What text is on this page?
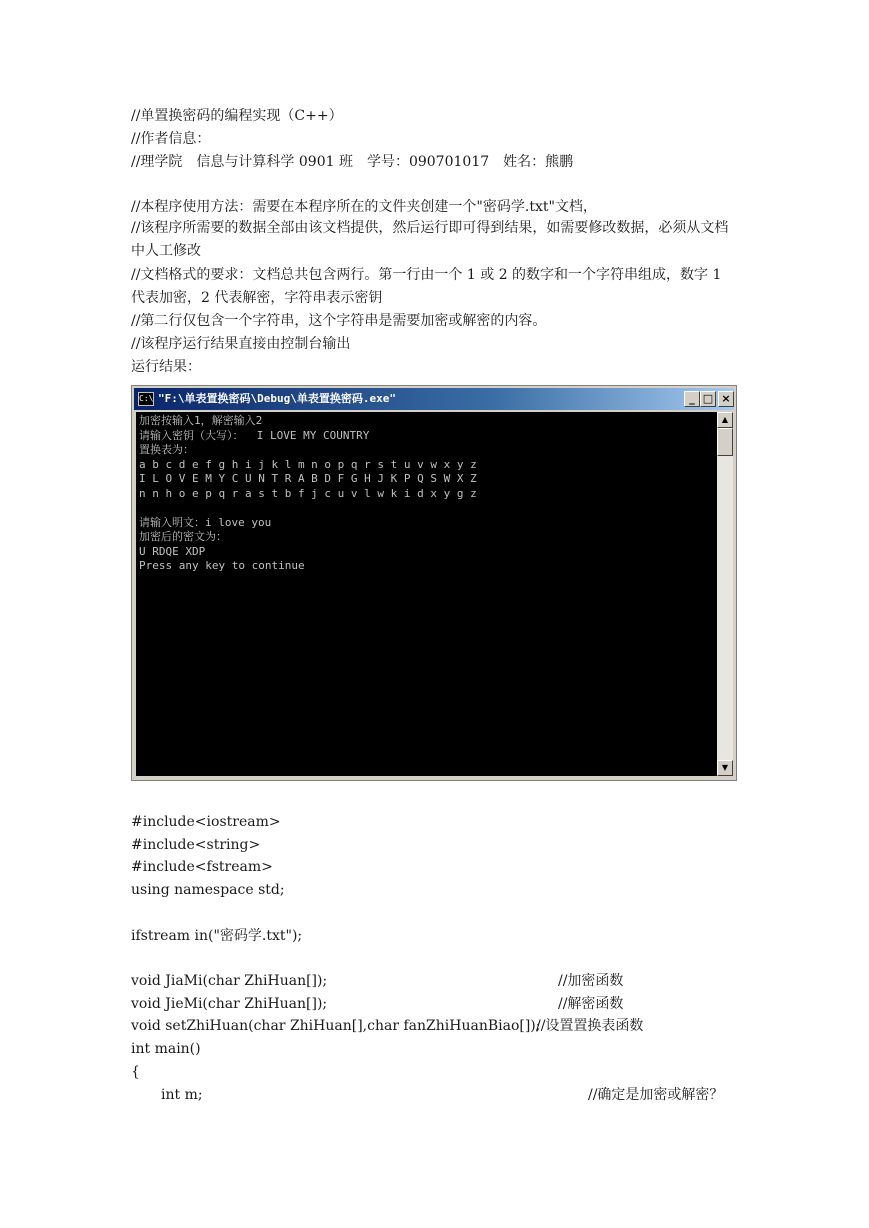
//单置换密码的编程实现（C++）
//作者信息：
//理学院　信息与计算科学 0901 班　学号：090701017　姓名：熊鹏
//本程序使用方法：需要在本程序所在的文件夹创建一个"密码学.txt"文档，
//该程序所需要的数据全部由该文档提供，然后运行即可得到结果，如需要修改数据，必须从文档中人工修改
//文档格式的要求：文档总共包含两行。第一行由一个 1 或 2 的数字和一个字符串组成，数字 1 代表加密，2 代表解密，字符串表示密钥
//第二行仅包含一个字符串，这个字符串是需要加密或解密的内容。
//该程序运行结果直接由控制台输出
运行结果：
C:\ "F:\单表置换密码\Debug\单表置换密码.exe"	_ □ ×
加密按输入1，解密输入2
请输入密钥（大写）：  I LOVE MY COUNTRY
置换表为：
a b c d e f g h i j k l m n o p q r s t u v w x y z
I L O V E M Y C U N T R A B D F G H J K P Q S W X Z
n n h o e p q r a s t b f j c u v l w k i d x y g z
请输入明文：i love you
加密后的密文为：
U RDQE XDP
Press any key to continue
▲
▼
#include<iostream>
#include<string>
#include<fstream>
using namespace std;
ifstream in("密码学.txt");
void JiaMi(char ZhiHuan[]);	//加密函数
void JieMi(char ZhiHuan[]);	//解密函数
void setZhiHuan(char ZhiHuan[],char fanZhiHuanBiao[]);
//设置置换表函数
int main()
{
int m;	//确定是加密或解密？
